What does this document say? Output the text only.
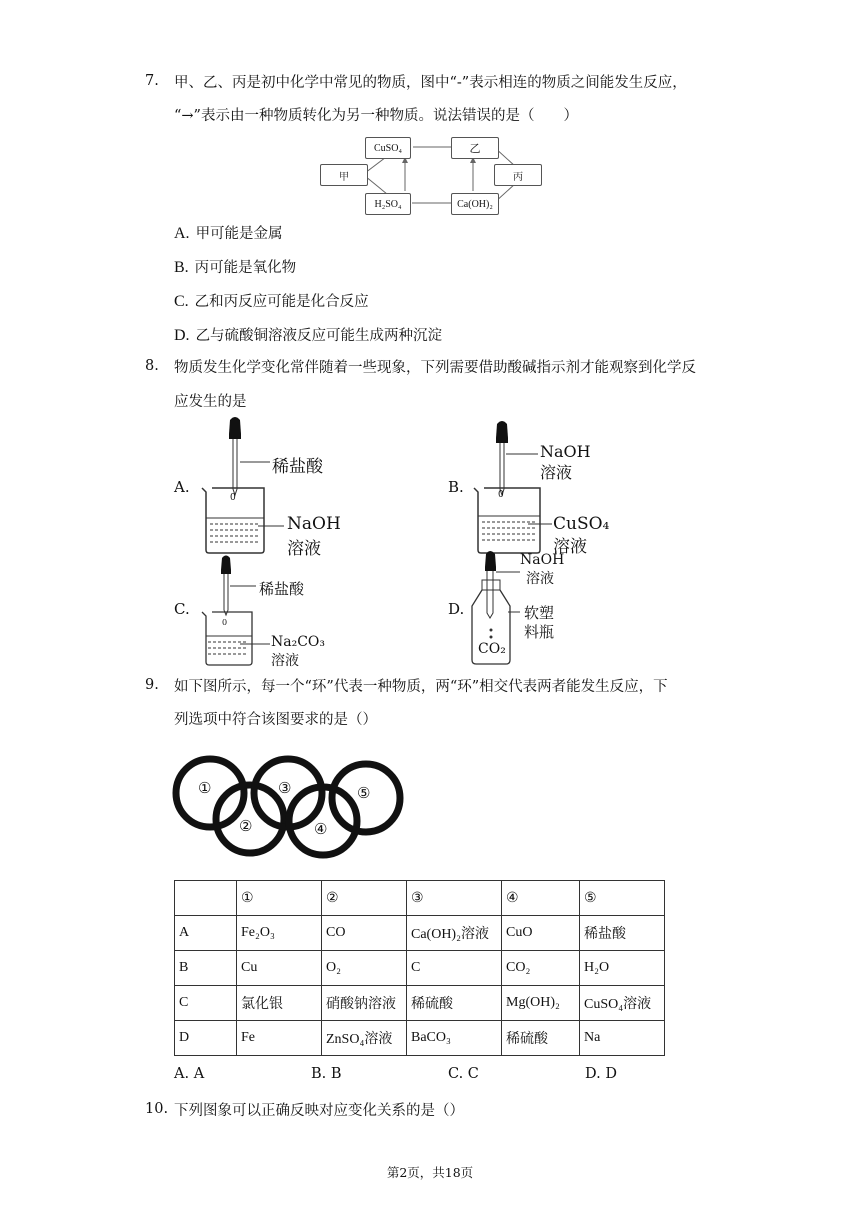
7. 甲、乙、丙是初中化学中常见的物质，图中“-”表示相连的物质之间能发生反应，
“→”表示由一种物质转化为另一种物质。说法错误的是（　　）
CuSO₄	乙
甲	丙
H₂SO₄	Ca(OH)₂
A. 甲可能是金属
B. 丙可能是氧化物
C. 乙和丙反应可能是化合反应
D. 乙与硫酸铜溶液反应可能生成两种沉淀
8. 物质发生化学变化常伴随着一些现象，下列需要借助酸碱指示剂才能观察到化学反
应发生的是
A.
0
稀盐酸
NaOH
溶液
B.	0
NaOH
溶液
CuSO₄
溶液
C.
0
稀盐酸
Na₂CO₃
溶液
D.
NaOH
溶液
软塑
料瓶
CO₂
9. 如下图所示，每一个“环”代表一种物质，两“环”相交代表两者能发生反应，下
列选项中符合该图要求的是（）
①
②
③
④
⑤
	①	②	③	④	⑤
A	Fe₂O₃	CO	Ca(OH)₂溶液	CuO	稀盐酸
B	Cu	O₂	C	CO₂	H₂O
C	氯化银	硝酸钠溶液	稀硫酸	Mg(OH)₂	CuSO₄溶液
D	Fe	ZnSO₄溶液	BaCO₃	稀硫酸	Na
A. A	B. B	C. C	D. D
10. 下列图象可以正确反映对应变化关系的是（）
第2页，共18页
